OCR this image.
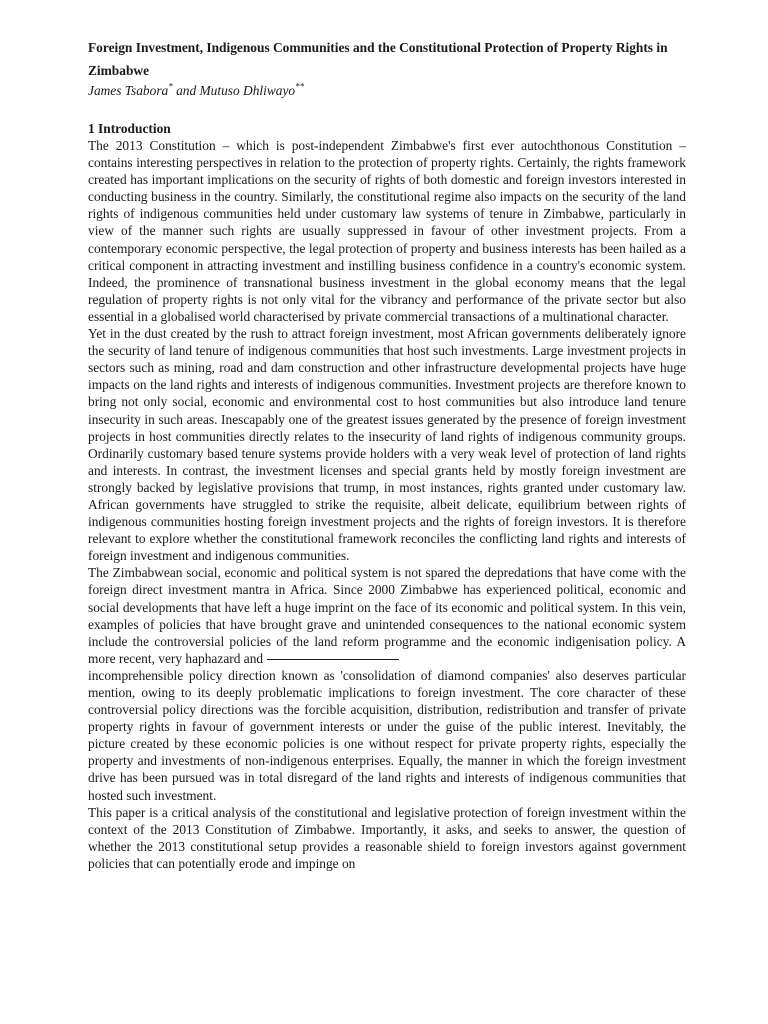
Foreign Investment, Indigenous Communities and the Constitutional Protection of Property Rights in Zimbabwe

James Tsabora* and Mutuso Dhliwayo**

1 Introduction

The 2013 Constitution – which is post-independent Zimbabwe's first ever autochthonous Constitution – contains interesting perspectives in relation to the protection of property rights. Certainly, the rights framework created has important implications on the security of rights of both domestic and foreign investors interested in conducting business in the country. Similarly, the constitutional regime also impacts on the security of the land rights of indigenous communities held under customary law systems of tenure in Zimbabwe, particularly in view of the manner such rights are usually suppressed in favour of other investment projects. From a contemporary economic perspective, the legal protection of property and business interests has been hailed as a critical component in attracting investment and instilling business confidence in a country's economic system. Indeed, the prominence of transnational business investment in the global economy means that the legal regulation of property rights is not only vital for the vibrancy and performance of the private sector but also essential in a globalised world characterised by private commercial transactions of a multinational character.

Yet in the dust created by the rush to attract foreign investment, most African governments deliberately ignore the security of land tenure of indigenous communities that host such investments. Large investment projects in sectors such as mining, road and dam construction and other infrastructure developmental projects have huge impacts on the land rights and interests of indigenous communities. Investment projects are therefore known to bring not only social, economic and environmental cost to host communities but also introduce land tenure insecurity in such areas. Inescapably one of the greatest issues generated by the presence of foreign investment projects in host communities directly relates to the insecurity of land rights of indigenous community groups. Ordinarily customary based tenure systems provide holders with a very weak level of protection of land rights and interests. In contrast, the investment licenses and special grants held by mostly foreign investment are strongly backed by legislative provisions that trump, in most instances, rights granted under customary law. African governments have struggled to strike the requisite, albeit delicate, equilibrium between rights of indigenous communities hosting foreign investment projects and the rights of foreign investors. It is therefore relevant to explore whether the constitutional framework reconciles the conflicting land rights and interests of foreign investment and indigenous communities.

The Zimbabwean social, economic and political system is not spared the depredations that have come with the foreign direct investment mantra in Africa. Since 2000 Zimbabwe has experienced political, economic and social developments that have left a huge imprint on the face of its economic and political system. In this vein, examples of policies that have brought grave and unintended consequences to the national economic system include the controversial policies of the land reform programme and the economic indigenisation policy. A more recent, very haphazard and
incomprehensible policy direction known as 'consolidation of diamond companies' also deserves particular mention, owing to its deeply problematic implications to foreign investment. The core character of these controversial policy directions was the forcible acquisition, distribution, redistribution and transfer of private property rights in favour of government interests or under the guise of the public interest. Inevitably, the picture created by these economic policies is one without respect for private property rights, especially the property and investments of non-indigenous enterprises. Equally, the manner in which the foreign investment drive has been pursued was in total disregard of the land rights and interests of indigenous communities that hosted such investment.

This paper is a critical analysis of the constitutional and legislative protection of foreign investment within the context of the 2013 Constitution of Zimbabwe. Importantly, it asks, and seeks to answer, the question of whether the 2013 constitutional setup provides a reasonable shield to foreign investors against government policies that can potentially erode and impinge on
